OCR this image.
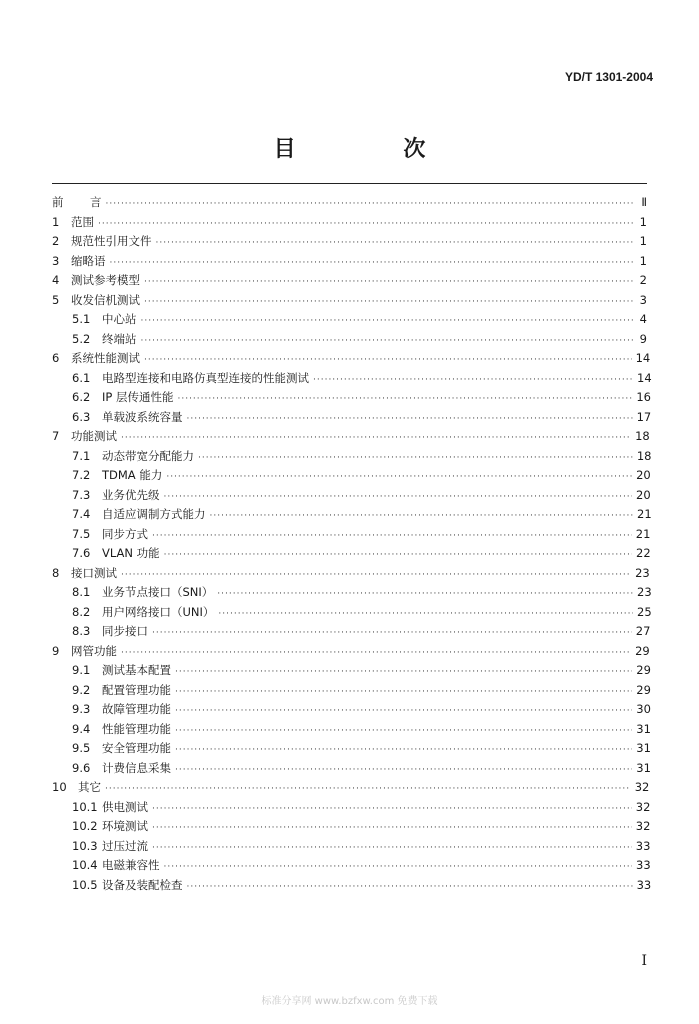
YD/T 1301-2004
目 次
前	言 ·····	Ⅱ
1	范围 ·····	1
2	规范性引用文件 ·····	1
3	缩略语 ·····	1
4	测试参考模型 ·····	2
5	收发信机测试 ·····	3
5.1	中心站 ·····	4
5.2	终端站 ·····	9
6	系统性能测试 ·····	14
6.1	电路型连接和电路仿真型连接的性能测试 ·····	14
6.2	IP 层传通性能 ·····	16
6.3	单载波系统容量 ·····	17
7	功能测试 ·····	18
7.1	动态带宽分配能力 ·····	18
7.2	TDMA 能力 ·····	20
7.3	业务优先级 ·····	20
7.4	自适应调制方式能力 ·····	21
7.5	同步方式 ·····	21
7.6	VLAN 功能 ·····	22
8	接口测试 ·····	23
8.1	业务节点接口（SNI） ·····	23
8.2	用户网络接口（UNI） ·····	25
8.3	同步接口 ·····	27
9	网管功能 ·····	29
9.1	测试基本配置 ·····	29
9.2	配置管理功能 ·····	29
9.3	故障管理功能 ·····	30
9.4	性能管理功能 ·····	31
9.5	安全管理功能 ·····	31
9.6	计费信息采集 ·····	31
10 其它 ·····	32
10.1 供电测试 ·····	32
10.2 环境测试 ·····	32
10.3 过压过流 ·····	33
10.4 电磁兼容性 ·····	33
10.5 设备及装配检查 ·····	33
I
标准分享网 www.bzfxw.com 免费下载
